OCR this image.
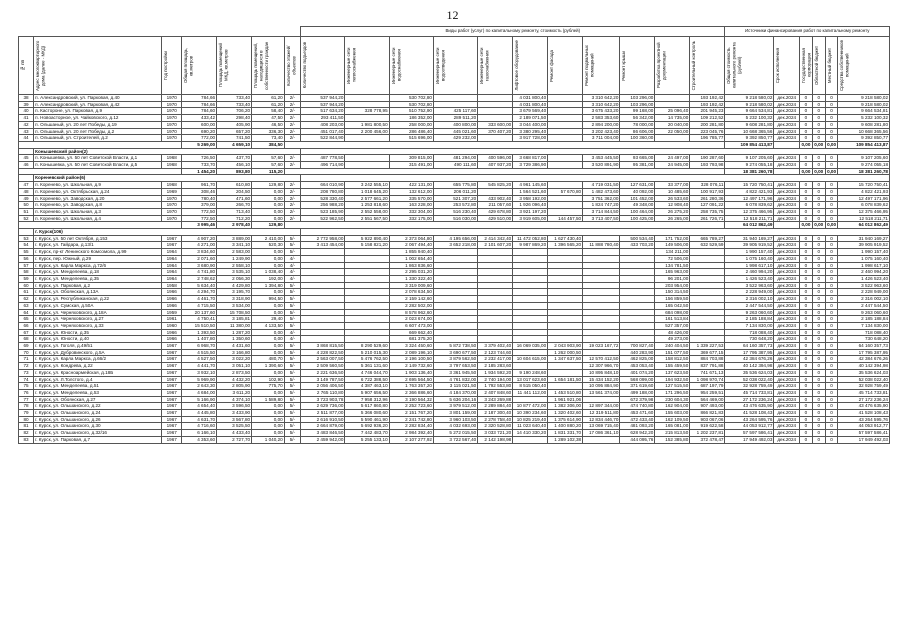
12
							Виды работ (услуг) по капитальному ремонту, стоимость (рублей)											Источники финансирования работ по капитальному ремонту					

№ пп	Адрес многоквартирного дома (далее - МКД)	Год постройки	Общая площадь, кв.метров	Площадь помещений МКД, кв.метров	Площадь помещений, находящихся в собственности граждан	Количество этажей/ объектов	Количество подъездов	Инженерные сети теплоснабжения	Инженерные сети водоснабжения	Инженерные сети водоотведения	Инженерные сети газоснабжения	Лифтовое оборудование	Ремонт фасада	Ремонт подвальных помещений	Ремонт крыши	Разработка проектной документации	Строительный контроль	Общая стоимость капитального ремонта (рублей)	Срок исполнения	Государственная корпорация	Областной бюджет	Местный бюджет	Средства собственников помещений

38	п. Александровский, ул. Парковая, д.40	1970	784,66	733,40	61,20	2/-	537 944,20		530 702,80			4 031 800,40		3 310 642,20	103 296,00		193 192,42	9 218 580,02	дек.2024	0	0	0	9 218 580,02
39	п. Александровский, ул. Парковая, д.42	1970	784,66	733,40	61,20	2/-	537 944,20		530 702,80			4 031 800,40		3 310 642,20	103 296,00		193 192,42	9 218 580,02	дек.2024	0	0	0	9 218 580,02
40	п. Кастороне, ул. Парковая, д.9	1970	784,60	706,20	58,40	2/-	517 634,20	328 778,95	510 752,90	425 117,60		3 679 569,40		3 675 433,20	99 168,00	25 096,40	201 945,23	9 664 534,81	дек.2024	0	0	0	9 664 534,81
41	п. Новоасторное, ул. Чайковского, д.12	1970	433,42	298,40	47,50	2/-	293 411,50		186 352,00	289 511,20		2 189 071,50		2 583 353,60	56 342,00	14 735,00	109 212,52	5 232 100,32	дек.2024	0	0	0	5 232 100,32
42	п. Ольшаный, ул. 20 лет Победы, д.19	1970	600,00	405,90	46,50	2/-	408 203,00	1 981 800,50	258 000,00	400 800,00	333 600,00	3 044 400,00		2 894 200,00	78 000,00	20 040,00	200 281,80	9 608 281,80	дек.2024	0	0	0	9 608 281,80
43	п. Ольшаный, ул. 20 лет Победы, д.2	1970	690,20	657,20	336,30	2/-	451 017,40	2 200 456,00	286 486,40	445 021,60	370 407,20	3 380 295,40		3 202 423,40	86 606,00	22 050,00	223 045,76	10 668 365,56	дек.2024	0	0	0	10 668 365,56
44	п. Ольшаный, ул. Строителей, д.2	1970	772,00	741,50	73,40	2/-	522 844,90		515 696,00	429 232,00		3 917 728,00		3 711 004,00	100 360,00		196 785,77	9 392 850,77	дек.2024	0	0	0	9 392 850,77
			5 269,00	4 659,10	384,50													109 854 413,87		0,00	0,00	0,00	109 854 413,87
	Конышевский район(2)																						
45	п. Конышевка, ул. 50 лет Советской Власти, д.1	1968	726,50	437,70	57,60	2/-	487 778,50		309 815,00	481 294,00	400 596,00	3 668 817,00		3 453 445,50	93 665,00	24 497,00	190 287,60	9 107 205,60	дек.2024	0	0	0	9 107 205,60
46	п. Конышевка, ул. 50 лет Советской Власти, д.5	1968	733,70	456,10	57,60	2/-	496 714,90		315 491,00	490 111,60	407 937,20	3 729 386,90		3 520 891,90	95 381,00	24 945,00	193 793,98	9 274 055,18	дек.2024	0	0	0	9 274 055,18
			1 454,20	893,80	115,20													18 381 260,78		0,00	0,00	0,00	18 381 260,78
	Кореневский район(6)																						
47	п. Коренево, ул. Школьная, д.9	1968	961,70	610,80	129,80	2/-	664 010,90	3 242 555,10	422 131,00	655 775,80	545 825,20	4 961 145,60		4 719 031,50	127 631,00	33 377,00	328 076,11	15 720 750,41	дек.2024	0	0	0	15 720 750,41
48	п. Коренево, ул. Октябрьская, д.24	1969	308,46	204,50	0,00	2/-	208 780,80	1 018 645,20	132 612,00	206 011,20		1 564 521,60	57 670,80	1 482 473,60	40 092,00	10 485,60	100 917,93	4 822 421,93	дек.2024	0	0	0	4 822 421,93
49	п. Коренево, ул. Заводская, д.20	1970	780,40	471,60	0,00	2/-	528 330,40	2 577 661,20	335 570,00	521 307,20	433 902,40	3 958 192,00		3 751 362,00	101 452,00	26 533,60	261 280,36	12 497 171,96	дек.2024	0	0	0	12 497 171,96
50	п. Коренево, ул. Заводская, д.8	1970	379,00	266,70	0,00	2/-	256 988,20	1 253 818,60	163 228,00	253 572,80	211 057,60	1 926 096,40		1 824 747,20	49 348,00	12 908,40	127 091,22	6 078 839,62	дек.2024	0	0	0	6 078 839,62
51	п. Коренево, ул. Школьная, д.3	1970	772,50	713,40	0,00	2/-	523 185,90	2 552 558,00	332 304,00	516 230,40	429 678,80	3 921 197,20		3 714 844,50	100 464,00	26 275,20	258 735,75	12 375 466,95	дек.2024	0	0	0	12 375 466,95
52	п. Коренево, ул. Школьная, д.4	1970	772,50	712,20	0,00	2/-	522 962,50	2 551 567,50	332 175,00	516 030,00	429 510,00	3 919 605,00	144 457,50	3 713 407,50	100 425,00	26 265,00	261 726,71	12 518 211,71	дек.2024	0	0	0	12 518 211,71
			3 995,46	2 978,40	129,80													64 012 862,49		0,00	0,00	0,00	64 012 862,49
	г. Курск(106)																						
53	г. Курск, ул. 50 лет Октября, д.153	1967	4 907,20	3 889,00	2 410,00	5/-	2 772 958,00	5 922 890,40	2 373 064,80	4 195 656,00	2 414 342,40	11 472 052,80	1 627 430,40		500 534,40	171 752,00	665 789,27	31 940 169,27	дек.2024	0	0	0	31 940 169,27
54	г. Курск, ул. Гайдара, д.13/1	1967	4 271,00	3 341,10	520,30	5/-	3 413 454,00	5 158 821,20	2 067 494,40	3 652 218,00	2 101 607,20	9 987 869,20	1 396 565,20	11 888 780,40	433 703,20	149 506,00	632 529,59	39 905 919,52	дек.2024	0	0	0	39 905 919,52
55	г. Курск, пр-кт Ленинского Комсомола, д.99	1964	3 834,60	2 583,00	0,00	5/-			1 855 940,40							134 211,00		1 990 157,40	дек.2024	0	0	0	1 990 157,40
56	г. Курск, пер. Южный, д.29	1964	2 071,60	1 249,90	0,00	4/-			1 002 654,40							72 506,00		1 075 160,40	дек.2024	0	0	0	1 075 160,40
57	г. Курск, ул. Карла Маркса, д.72/6	1964	3 680,90	2 558,10	0,00	4/-			1 863 836,60							134 781,50		1 998 617,10	дек.2024	0	0	0	1 998 617,10
58	г. Курск, ул. Менделеева, д.18	1964	4 741,80	3 535,10	1 038,40	4/-			2 295 031,20							165 963,00		2 460 994,20	дек.2024	0	0	0	2 460 994,20
59	г. Курск, ул. Менделеева, д.35	1964	2 748,62	2 056,30	192,00	4/-			1 330 322,40							96 201,00		1 426 523,40	дек.2024	0	0	0	1 426 523,40
60	г. Курск, ул. Парковая, д.2	1958	5 634,40	4 429,80	1 394,80	5/-			3 319 009,60							203 954,00		3 522 963,60	дек.2024	0	0	0	3 522 963,60
61	г. Курск, ул. Обоянская, д.13А	1966	4 294,70	3 195,70	0,00	5/-			2 078 634,50							150 314,50		2 228 949,00	дек.2024	0	0	0	2 228 949,00
62	г. Курск, ул. Республиканская, д.22	1966	4 461,70	3 318,90	994,50	5/-			2 159 142,60							156 859,50		2 316 002,10	дек.2024	0	0	0	2 316 002,10
63	г. Курск, ул. Сумская, д.50А	1966	4 715,50	3 534,00	0,00	5/-			2 282 502,00							165 042,50		2 447 544,50	дек.2024	0	0	0	2 447 544,50
64	г. Курск, ул. Черняховского, д.18А	1959	20 137,60	15 708,50	0,00	5/-			8 578 962,60							684 098,00		9 263 060,60	дек.2024	0	0	0	9 263 060,60
65	г. Курск, ул. Черняховского, д.27	1961	4 750,41	3 185,81	29,40	5/-			2 023 674,00							161 513,84		2 185 188,84	дек.2024	0	0	0	2 185 188,84
66	г. Курск, ул. Черняховского, д.33	1960	15 510,50	11 380,00	4 133,50	5/-			6 607 473,00							527 357,00		7 134 830,00	дек.2024	0	0	0	7 134 830,00
67	г. Курск, ул. Юности, д.35	1966	1 393,50	1 287,20	0,00	4/-			669 662,40							48 426,00		718 088,40	дек.2024	0	0	0	718 088,40
68	г. Курск, ул. Юности, д.40	1966	1 407,80	1 350,60	0,00	4/-			681 375,20							49 273,00		730 648,20	дек.2024	0	0	0	730 648,20
69	г. Курск, ул. Гоголя, д.49/51	1967	6 968,70	4 431,60	0,00	5/-	3 868 815,50	8 290 529,60	3 324 450,60	5 872 738,50	3 379 402,40	16 069 035,00	2 043 903,90	19 023 167,72	700 827,40	240 404,50	1 339 227,53	64 160 357,73	дек.2024	0	0	0	64 160 357,73
70	г. Курск, ул. Дубровинского, д.5А	1967	4 515,50	3 166,80	0,00	5/-	4 228 822,50	5 210 015,30	2 089 196,10	3 690 677,50	2 123 744,60		1 262 000,50		440 283,90	151 077,50	369 677,15	17 795 387,95	дек.2024	0	0	0	17 795 387,95
71	г. Курск, ул. Карла Маркса, д.66/2	1967	4 527,50	3 022,20	480,70	5/-	2 563 007,50	5 476 762,50	2 196 100,50	3 879 562,50	2 232 417,00	10 604 615,00	1 347 637,50	12 570 412,50	462 825,00	158 812,50	884 703,88	42 384 676,26	дек.2024	0	0	0	42 384 676,26
72	г. Курск, ул. Кондрева, д.22	1967	4 441,70	3 051,10	1 390,60	5/-	2 509 560,50	5 361 131,60	2 149 732,60	3 797 653,50	2 185 283,60			12 307 966,70	453 053,40	155 459,50	837 791,88	40 142 394,98	дек.2024	0	0	0	40 142 394,98
73	г. Курск, ул. Красноармейская, д.18Б	1967	3 932,10	2 873,50	0,00	5/-	2 221 636,50	4 746 044,70	1 903 136,40	3 361 945,50	1 934 592,20	9 190 248,60		10 895 848,10	401 074,20	137 623,50	741 671,13	35 536 624,03	дек.2024	0	0	0	35 536 624,03
74	г. Курск, ул. Л.Толстого, д.4	1967	5 969,90	4 432,20	102,90	5/-	3 149 787,50	6 722 388,50	2 695 564,50	4 761 832,00	2 740 194,00	13 017 623,60	1 654 181,50	15 434 152,20	568 099,00	194 932,50	1 098 970,74	52 038 022,40	дек.2024	0	0	0	52 038 022,40
75	г. Курск, ул. Менделеева, д.51	1967	2 643,30	2 805,90	775,70	5/-	2 056 406,50	4 387 463,10	1 763 357,20	3 115 021,50	1 792 553,80	8 515 050,40		10 095 884,90	371 619,60	127 515,50	687 197,79	32 928 759,49	дек.2024	0	0	0	32 928 759,49
76	г. Курск, ул. Менделеева, д.53	1967	4 684,00	3 611,20	0,00	5/-	2 765 110,80	5 907 656,50	2 366 886,60	4 184 370,00	2 407 848,60	11 441 112,00	1 453 510,80	13 561 374,00	499 188,00	171 296,50	954 259,51	45 714 733,81	дек.2024	0	0	0	45 714 733,81
77	г. Курск, ул. Обоянская, д.27	1967	5 166,90	4 374,10	1 589,80	5/-	3 723 903,78	7 958 312,96	3 190 564,32	5 636 204,16	3 243 269,88		1 961 921,06		672 379,98	230 604,30	564 469,00	27 172 236,24	дек.2024	0	0	0	27 172 236,24
78	г. Курск, ул. Ольшанского, д.22	1967	4 654,40	3 596,50	0,00	5/-	2 629 736,00	5 617 860,80	2 252 723,60	3 979 512,00	2 289 884,40	10 877 472,00	1 382 306,00	12 897 344,00	474 740,80	162 904,00	907 493,00	43 476 635,90	дек.2024	0	0	0	43 476 635,90
79	г. Курск, ул. Ольшанского, д.24	1967	4 445,80	3 433,90	0,00	5/-	2 511 877,00	5 366 080,60	2 151 767,20	3 801 159,00	2 187 300,40	10 390 234,60	1 320 402,60	12 319 511,80	453 471,60	155 603,00	866 821,83	41 528 108,43	дек.2024	0	0	0	41 528 108,43
80	г. Курск, ул. Ольшанского, д.26	1967	4 631,70	3 567,80	0,00	5/-	2 616 910,50	5 590 461,90	2 241 742,80	3 960 103,50	2 278 758,40	10 825 219,40	1 375 614,90	12 834 446,70	472 433,40	162 109,50	903 067,06	43 264 595,76	дек.2024	0	0	0	43 264 595,76
81	г. Курск, ул. Ольшанского, д.30	1967	4 716,60	3 525,50	0,00	5/-	2 664 879,00	5 692 936,20	2 282 834,40	4 032 693,00	2 320 528,80	11 023 640,40	1 400 880,20	13 069 715,40	481 093,20	165 081,00	919 622,58	44 053 912,77	дек.2024	0	0	0	44 053 912,77
82	г. Курск, ул. Ольшанского, д.32/16	1967	6 166,10	4 433,40	0,00	5/-	3 483 846,50	7 442 483,70	2 984 392,40	5 272 015,50	3 033 721,20	14 410 330,20	1 831 331,70	17 086 361,10	628 942,20	215 813,50	1 202 237,81	57 597 586,41	дек.2024	0	0	0	57 597 586,41
83	г. Курск, ул. Парковая, д.7	1967	4 353,60	2 727,70	1 040,20	5/-	2 459 942,00	5 255 133,10	2 107 277,92	3 722 567,40	2 142 198,98		1 289 102,38		444 095,76	152 385,80	372 478,47	17 949 492,03	дек.2024	0	0	0	17 949 492,03
